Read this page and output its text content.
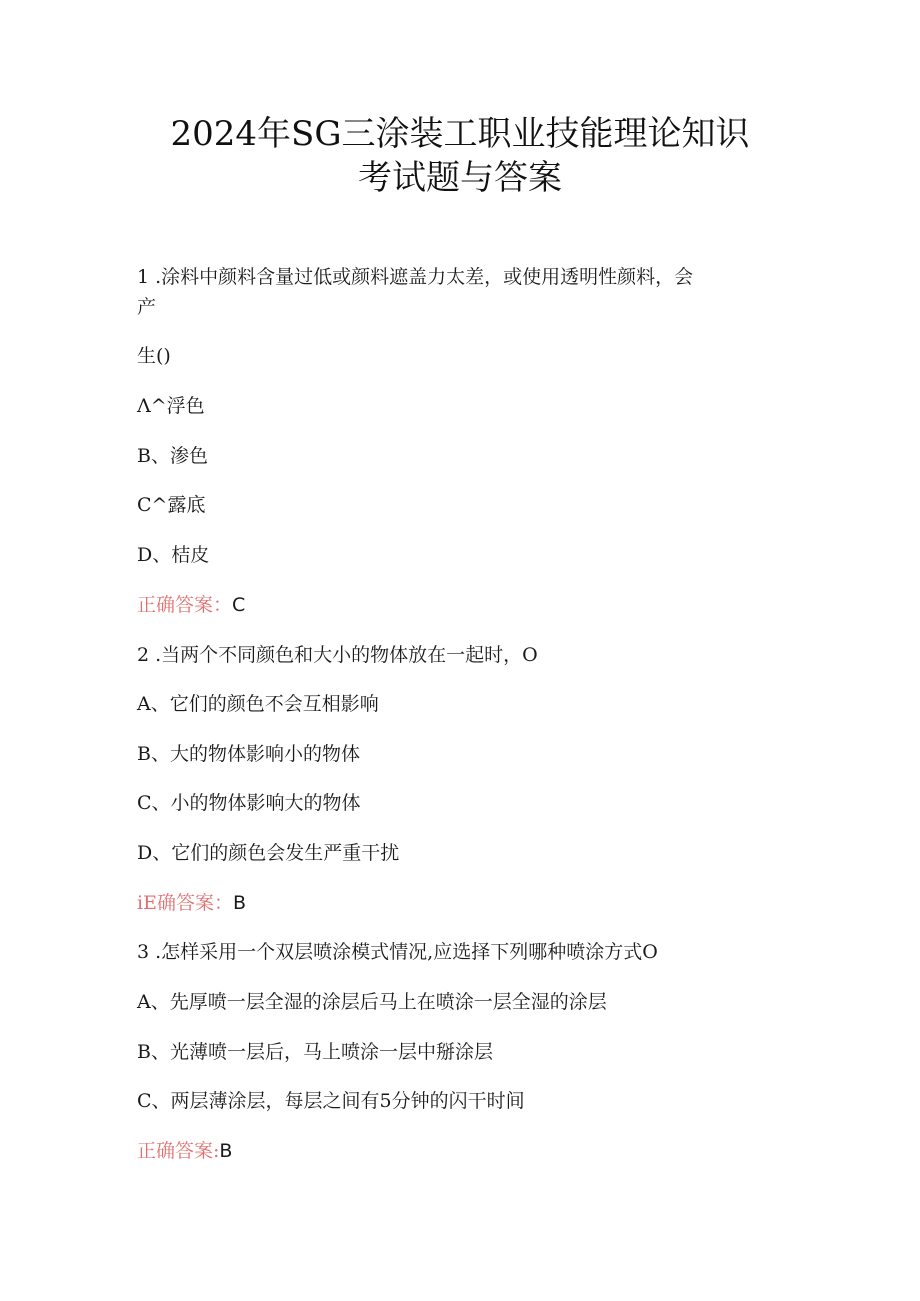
2024年SG三涂装工职业技能理论知识
考试题与答案
1 .涂料中颜料含量过低或颜料遮盖力太差，或使用透明性颜料，会
产
生()
Λ^浮色
B、渗色
C^露底
D、桔皮
正确答案：C
2 .当两个不同颜色和大小的物体放在一起时，O
A、它们的颜色不会互相影响
B、大的物体影响小的物体
C、小的物体影响大的物体
D、它们的颜色会发生严重干扰
iE确答案：B
3 .怎样采用一个双层喷涂模式情况,应选择下列哪种喷涂方式O
A、先厚喷一层全湿的涂层后马上在喷涂一层全湿的涂层
B、光薄喷一层后，马上喷涂一层中掰涂层
C、两层薄涂层，每层之间有5分钟的闪干时间
正确答案:B
